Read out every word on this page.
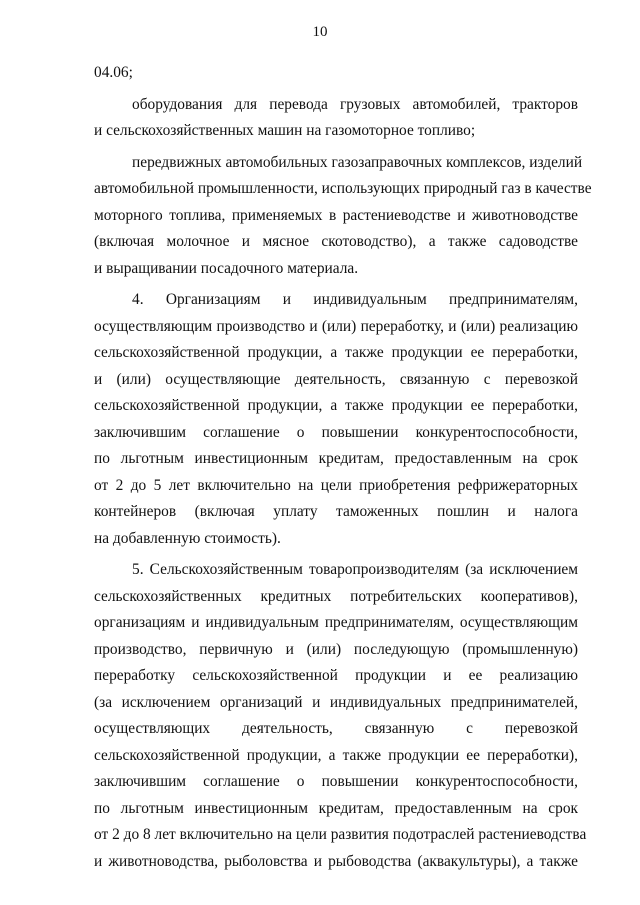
10
04.06;
оборудования для перевода грузовых автомобилей, тракторов
и сельскохозяйственных машин на газомоторное топливо;
передвижных автомобильных газозаправочных комплексов, изделий
автомобильной промышленности, использующих природный газ в качестве
моторного топлива, применяемых в растениеводстве и животноводстве
(включая молочное и мясное скотоводство), а также садоводстве
и выращивании посадочного материала.
4. Организациям и индивидуальным предпринимателям,
осуществляющим производство и (или) переработку, и (или) реализацию
сельскохозяйственной продукции, а также продукции ее переработки,
и (или) осуществляющие деятельность, связанную с перевозкой
сельскохозяйственной продукции, а также продукции ее переработки,
заключившим соглашение о повышении конкурентоспособности,
по льготным инвестиционным кредитам, предоставленным на срок
от 2 до 5 лет включительно на цели приобретения рефрижераторных
контейнеров (включая уплату таможенных пошлин и налога
на добавленную стоимость).
5. Сельскохозяйственным товаропроизводителям (за исключением
сельскохозяйственных кредитных потребительских кооперативов),
организациям и индивидуальным предпринимателям, осуществляющим
производство, первичную и (или) последующую (промышленную)
переработку сельскохозяйственной продукции и ее реализацию
(за исключением организаций и индивидуальных предпринимателей,
осуществляющих деятельность, связанную с перевозкой
сельскохозяйственной продукции, а также продукции ее переработки),
заключившим соглашение о повышении конкурентоспособности,
по льготным инвестиционным кредитам, предоставленным на срок
от 2 до 8 лет включительно на цели развития подотраслей растениеводства
и животноводства, рыболовства и рыбоводства (аквакультуры), а также
